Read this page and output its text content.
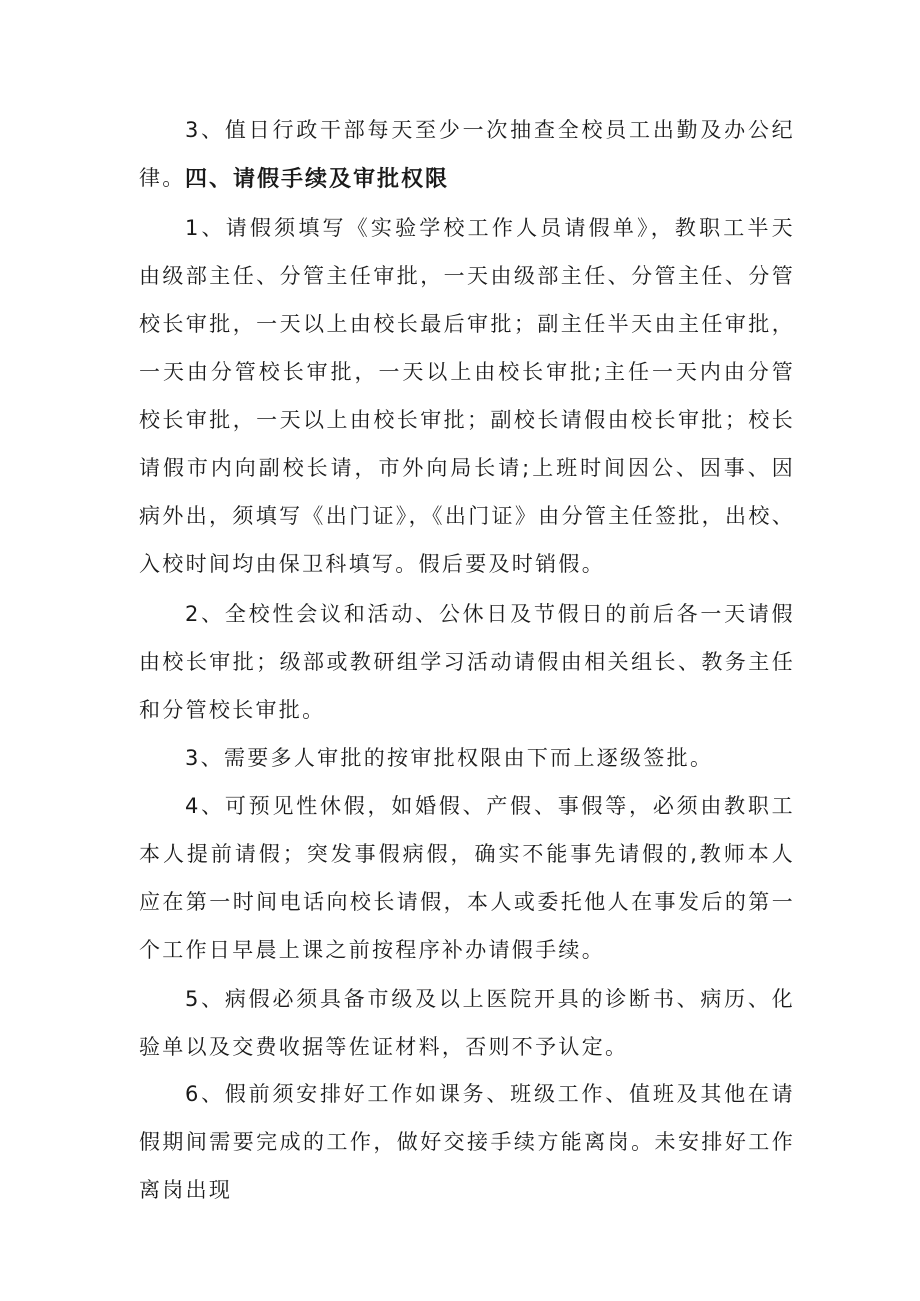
3、值日行政干部每天至少一次抽查全校员工出勤及办公纪律。 四、请假手续及审批权限

1、请假须填写《实验学校工作人员请假单》，教职工半天由级部主任、分管主任审批，一天由级部主任、分管主任、分管校长审批，一天以上由校长最后审批；副主任半天由主任审批，一天由分管校长审批，一天以上由校长审批;主任一天内由分管校长审批，一天以上由校长审批；副校长请假由校长审批；校长请假市内向副校长请，市外向局长请;上班时间因公、因事、因病外出，须填写《出门证》，《出门证》由分管主任签批，出校、入校时间均由保卫科填写。假后要及时销假。

2、全校性会议和活动、公休日及节假日的前后各一天请假由校长审批；级部或教研组学习活动请假由相关组长、教务主任和分管校长审批。

3、需要多人审批的按审批权限由下而上逐级签批。

4、可预见性休假，如婚假、产假、事假等，必须由教职工本人提前请假；突发事假病假，确实不能事先请假的,教师本人应在第一时间电话向校长请假，本人或委托他人在事发后的第一个工作日早晨上课之前按程序补办请假手续。

5、病假必须具备市级及以上医院开具的诊断书、病历、化验单以及交费收据等佐证材料，否则不予认定。

6、假前须安排好工作如课务、班级工作、值班及其他在请假期间需要完成的工作，做好交接手续方能离岗。未安排好工作离岗出现
